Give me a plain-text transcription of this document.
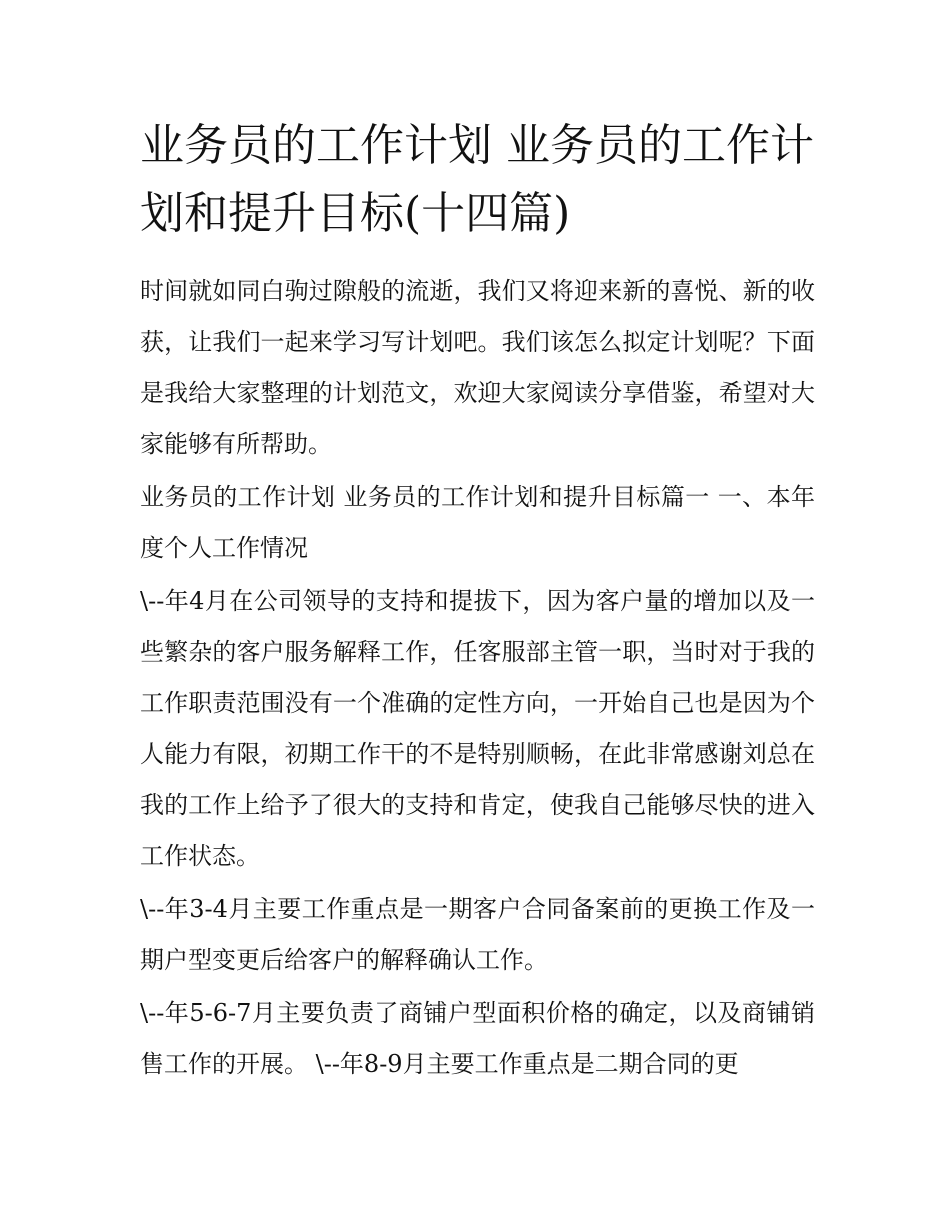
业务员的工作计划 业务员的工作计划和提升目标(十四篇)

时间就如同白驹过隙般的流逝，我们又将迎来新的喜悦、新的收获，让我们一起来学习写计划吧。我们该怎么拟定计划呢？下面是我给大家整理的计划范文，欢迎大家阅读分享借鉴，希望对大家能够有所帮助。

业务员的工作计划 业务员的工作计划和提升目标篇一 一、本年度个人工作情况

\--年4月在公司领导的支持和提拔下，因为客户量的增加以及一些繁杂的客户服务解释工作，任客服部主管一职，当时对于我的工作职责范围没有一个准确的定性方向，一开始自己也是因为个人能力有限，初期工作干的不是特别顺畅，在此非常感谢刘总在我的工作上给予了很大的支持和肯定，使我自己能够尽快的进入工作状态。

\--年3-4月主要工作重点是一期客户合同备案前的更换工作及一期户型变更后给客户的解释确认工作。

\--年5-6-7月主要负责了商铺户型面积价格的确定，以及商铺销售工作的开展。 \--年8-9月主要工作重点是二期合同的更
